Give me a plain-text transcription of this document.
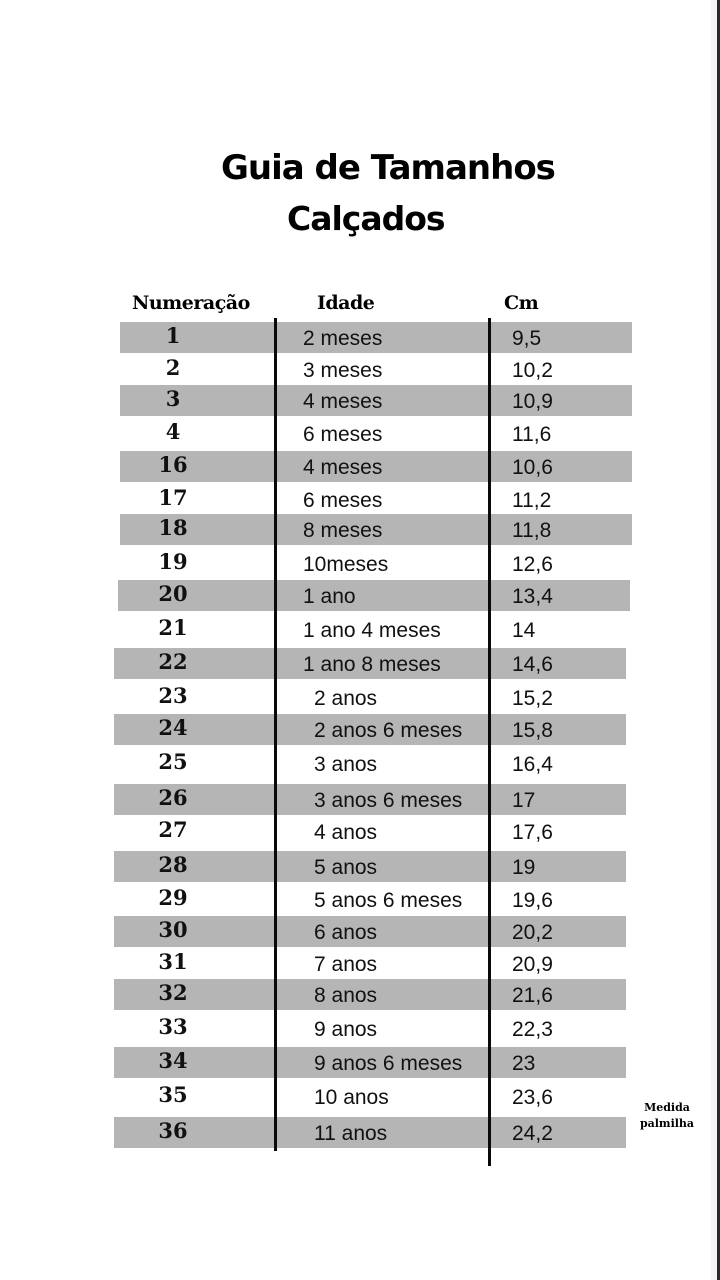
Guia de Tamanhos
Calçados
Numeração	Idade	Cm
1	2 meses	9,5
2	3 meses	10,2
3	4 meses	10,9
4	6 meses	11,6
16	4 meses	10,6
17	6 meses	11,2
18	8 meses	11,8
19	10meses	12,6
20	1 ano	13,4
21	1 ano 4 meses	14
22	1 ano 8 meses	14,6
23	2 anos	15,2
24	2 anos 6 meses 15,8
25	3 anos	16,4
26	3 anos 6 meses 17
27	4 anos	17,6
28	5 anos	19
29	5 anos 6 meses 19,6
30	6 anos	20,2
31	7 anos	20,9
32	8 anos	21,6
33	9 anos	22,3
34	9 anos 6 meses 23
35	10 anos	23,6
36	11 anos	24,2
Medida
palmilha
